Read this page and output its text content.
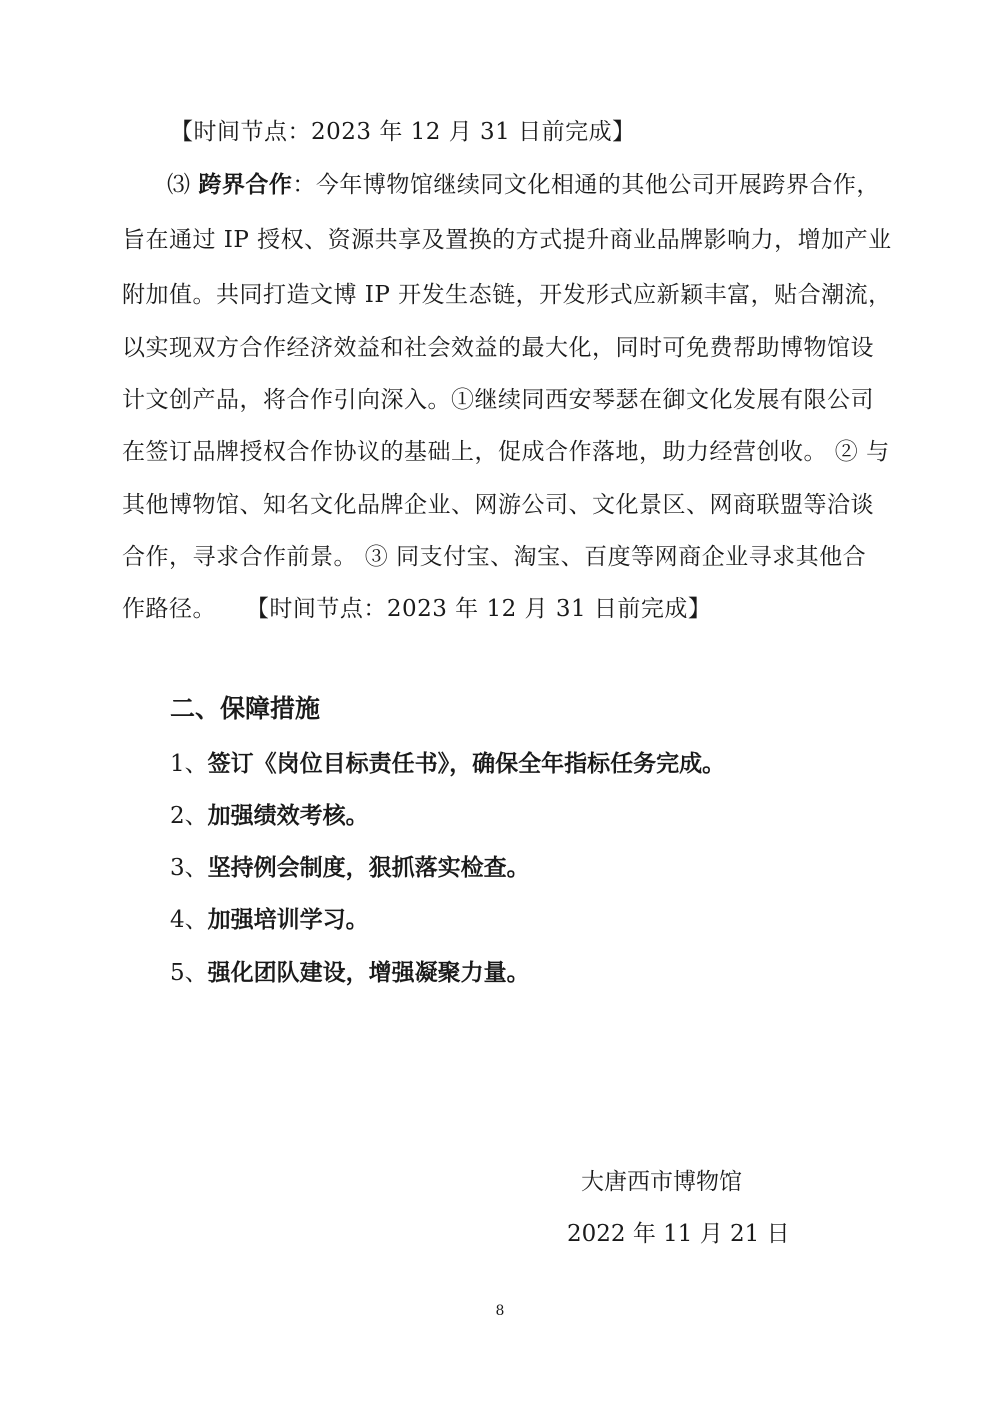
【时间节点：2023 年 12 月 31 日前完成】
⑶ 跨界合作：今年博物馆继续同文化相通的其他公司开展跨界合作，
旨在通过 IP 授权、资源共享及置换的方式提升商业品牌影响力，增加产业
附加值。共同打造文博 IP 开发生态链，开发形式应新颖丰富，贴合潮流，
以实现双方合作经济效益和社会效益的最大化，同时可免费帮助博物馆设
计文创产品，将合作引向深入。①继续同西安琴瑟在御文化发展有限公司
在签订品牌授权合作协议的基础上，促成合作落地，助力经营创收。 ② 与
其他博物馆、知名文化品牌企业、网游公司、文化景区、网商联盟等洽谈
合作，寻求合作前景。 ③ 同支付宝、淘宝、百度等网商企业寻求其他合
作路径。 【时间节点：2023 年 12 月 31 日前完成】
二、保障措施
1、签订《岗位目标责任书》，确保全年指标任务完成。
2、加强绩效考核。
3、坚持例会制度，狠抓落实检查。
4、加强培训学习。
5、强化团队建设，增强凝聚力量。
大唐西市博物馆
2022 年 11 月 21 日
8
